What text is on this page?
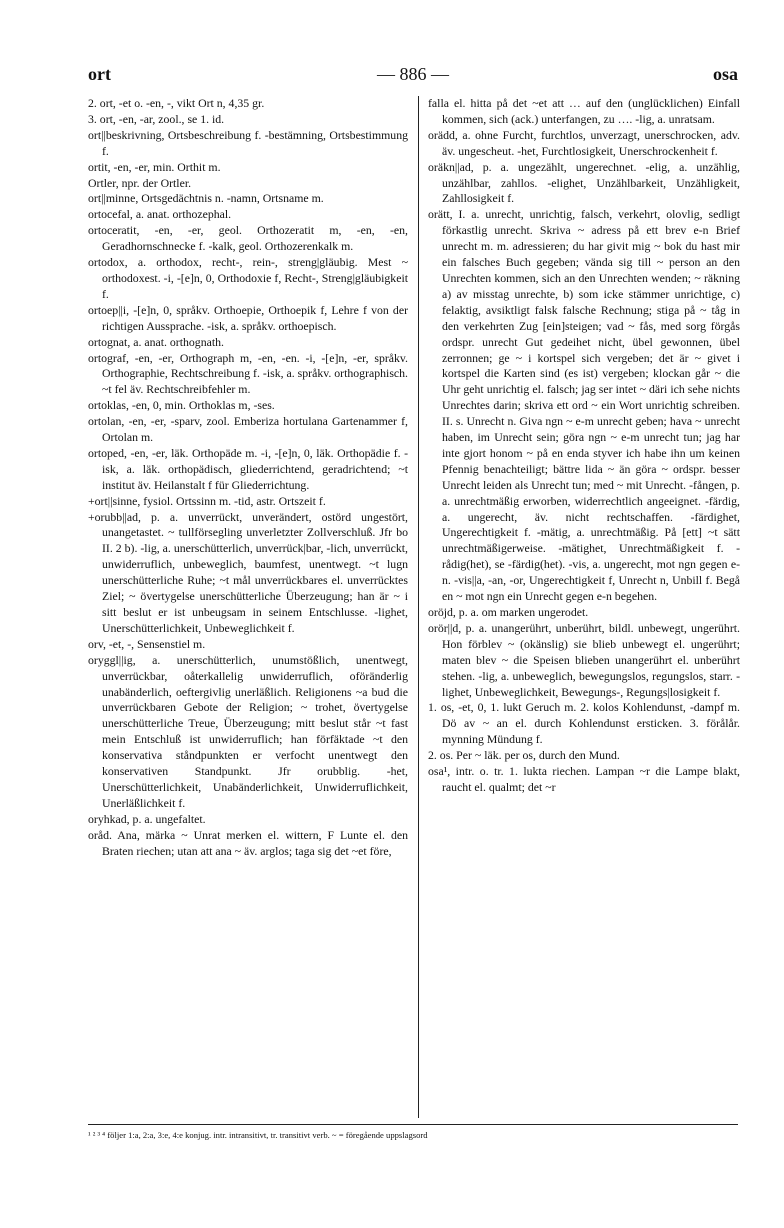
ort	— 886 —	osa

2. ort, -et o. -en, -, vikt Ort n, 4,35 gr.

3. ort, -en, -ar, zool., se 1. id.

ort||beskrivning, Ortsbeschreibung f. -bestämning, Ortsbestimmung f.

ortit, -en, -er, min. Orthit m.

Ortler, npr. der Ortler.

ort||minne, Ortsgedächtnis n. -namn, Ortsname m.

ortocefal, a. anat. orthozephal.

ortoceratit, -en, -er, geol. Orthozeratit m, -en, -en, Geradhornschnecke f. -kalk, geol. Orthozerenkalk m.

ortodox, a. orthodox, recht-, rein-, streng|gläubig. Mest ~ orthodoxest. -i, -[e]n, 0, Orthodoxie f, Recht-, Streng|gläubigkeit f.

ortoep||i, -[e]n, 0, språkv. Orthoepie, Orthoepik f, Lehre f von der richtigen Aussprache. -isk, a. språkv. orthoepisch.

ortognat, a. anat. orthognath.

ortograf, -en, -er, Orthograph m, -en, -en. -i, -[e]n, -er, språkv. Orthographie, Rechtschreibung f. -isk, a. språkv. orthographisch. ~t fel äv. Rechtschreibfehler m.

ortoklas, -en, 0, min. Orthoklas m, -ses.

ortolan, -en, -er, -sparv, zool. Emberiza hortulana Gartenammer f, Ortolan m.

ortoped, -en, -er, läk. Orthopäde m. -i, -[e]n, 0, läk. Orthopädie f. -isk, a. läk. orthopädisch, gliederrichtend, geradrichtend; ~t institut äv. Heilanstalt f für Gliederrichtung.

+ort||sinne, fysiol. Ortssinn m. -tid, astr. Ortszeit f.

+orubb||ad, p. a. unverrückt, unverändert, ostörd ungestört, unangetastet. ~ tullförsegling unverletzter Zollverschluß. Jfr bo II. 2 b). -lig, a. unerschütterlich, unverrück|bar, -lich, unverrückt, unwiderruflich, unbeweglich, baumfest, unentwegt. ~t lugn unerschütterliche Ruhe; ~t mål unverrückbares el. unverrücktes Ziel; ~ övertygelse unerschütterliche Überzeugung; han är ~ i sitt beslut er ist unbeugsam in seinem Entschlusse. -lighet, Unerschütterlichkeit, Unbeweglichkeit f.

orv, -et, -, Sensenstiel m.

oryggl||ig, a. unerschütterlich, unumstößlich, unentwegt, unverrückbar, oåterkallelig unwiderruflich, oföränderlig unabänderlich, oeftergivlig unerläßlich. Religionens ~a bud die unverrückbaren Gebote der Religion; ~ trohet, övertygelse unerschütterliche Treue, Überzeugung; mitt beslut står ~t fast mein Entschluß ist unwiderruflich; han förfäktade ~t den konservativa ståndpunkten er verfocht unentwegt den konservativen Standpunkt. Jfr orubblig. -het, Unerschütterlichkeit, Unabänderlichkeit, Unwiderruflichkeit, Unerläßlichkeit f.

oryhkad, p. a. ungefaltet.

oråd. Ana, märka ~ Unrat merken el. wittern, F Lunte el. den Braten riechen; utan att ana ~ äv. arglos; taga sig det ~et före,

falla el. hitta på det ~et att … auf den (unglücklichen) Einfall kommen, sich (ack.) unterfangen, zu …. -lig, a. unratsam.

orädd, a. ohne Furcht, furchtlos, unverzagt, unerschrocken, adv. äv. ungescheut. -het, Furchtlosigkeit, Unerschrockenheit f.

oräkn||ad, p. a. ungezählt, ungerechnet. -elig, a. unzählig, unzählbar, zahllos. -elighet, Unzählbarkeit, Unzähligkeit, Zahllosigkeit f.

orätt, I. a. unrecht, unrichtig, falsch, verkehrt, olovlig, sedligt förkastlig unrecht. Skriva ~ adress på ett brev e-n Brief unrecht m. m. adressieren; du har givit mig ~ bok du hast mir ein falsches Buch gegeben; vända sig till ~ person an den Unrechten kommen, sich an den Unrechten wenden; ~ räkning a) av misstag unrechte, b) som icke stämmer unrichtige, c) felaktig, avsiktligt falsk falsche Rechnung; stiga på ~ tåg in den verkehrten Zug [ein]steigen; vad ~ fås, med sorg förgås ordspr. unrecht Gut gedeihet nicht, übel gewonnen, übel zerronnen; ge ~ i kortspel sich vergeben; det är ~ givet i kortspel die Karten sind (es ist) vergeben; klockan går ~ die Uhr geht unrichtig el. falsch; jag ser intet ~ däri ich sehe nichts Unrechtes darin; skriva ett ord ~ ein Wort unrichtig schreiben. II. s. Unrecht n. Giva ngn ~ e-m unrecht geben; hava ~ unrecht haben, im Unrecht sein; göra ngn ~ e-m unrecht tun; jag har inte gjort honom ~ på en enda styver ich habe ihn um keinen Pfennig benachteiligt; bättre lida ~ än göra ~ ordspr. besser Unrecht leiden als Unrecht tun; med ~ mit Unrecht. -fången, p. a. unrechtmäßig erworben, widerrechtlich angeeignet. -färdig, a. ungerecht, äv. nicht rechtschaffen. -färdighet, Ungerechtigkeit f. -mätig, a. unrechtmäßig. På [ett] ~t sätt unrechtmäßigerweise. -mätighet, Unrechtmäßigkeit f. -rådig(het), se -färdig(het). -vis, a. ungerecht, mot ngn gegen e-n. -vis||a, -an, -or, Ungerechtigkeit f, Unrecht n, Unbill f. Begå en ~ mot ngn ein Unrecht gegen e-n begehen.

oröjd, p. a. om marken ungerodet.

orör||d, p. a. unangerührt, unberührt, bildl. unbewegt, ungerührt. Hon förblev ~ (okänslig) sie blieb unbewegt el. ungerührt; maten blev ~ die Speisen blieben unangerührt el. unberührt stehen. -lig, a. unbeweglich, bewegungslos, regungslos, starr. -lighet, Unbeweglichkeit, Bewegungs-, Regungs|losigkeit f.

1. os, -et, 0, 1. lukt Geruch m. 2. kolos Kohlendunst, -dampf m. Dö av ~ an el. durch Kohlendunst ersticken. 3. förålår. mynning Mündung f.

2. os. Per ~ läk. per os, durch den Mund.

osa¹, intr. o. tr. 1. lukta riechen. Lampan ~r die Lampe blakt, raucht el. qualmt; det ~r

¹ ² ³ ⁴ följer 1:a, 2:a, 3:e, 4:e konjug. intr. intransitivt, tr. transitivt verb. ~ = föregående uppslagsord
